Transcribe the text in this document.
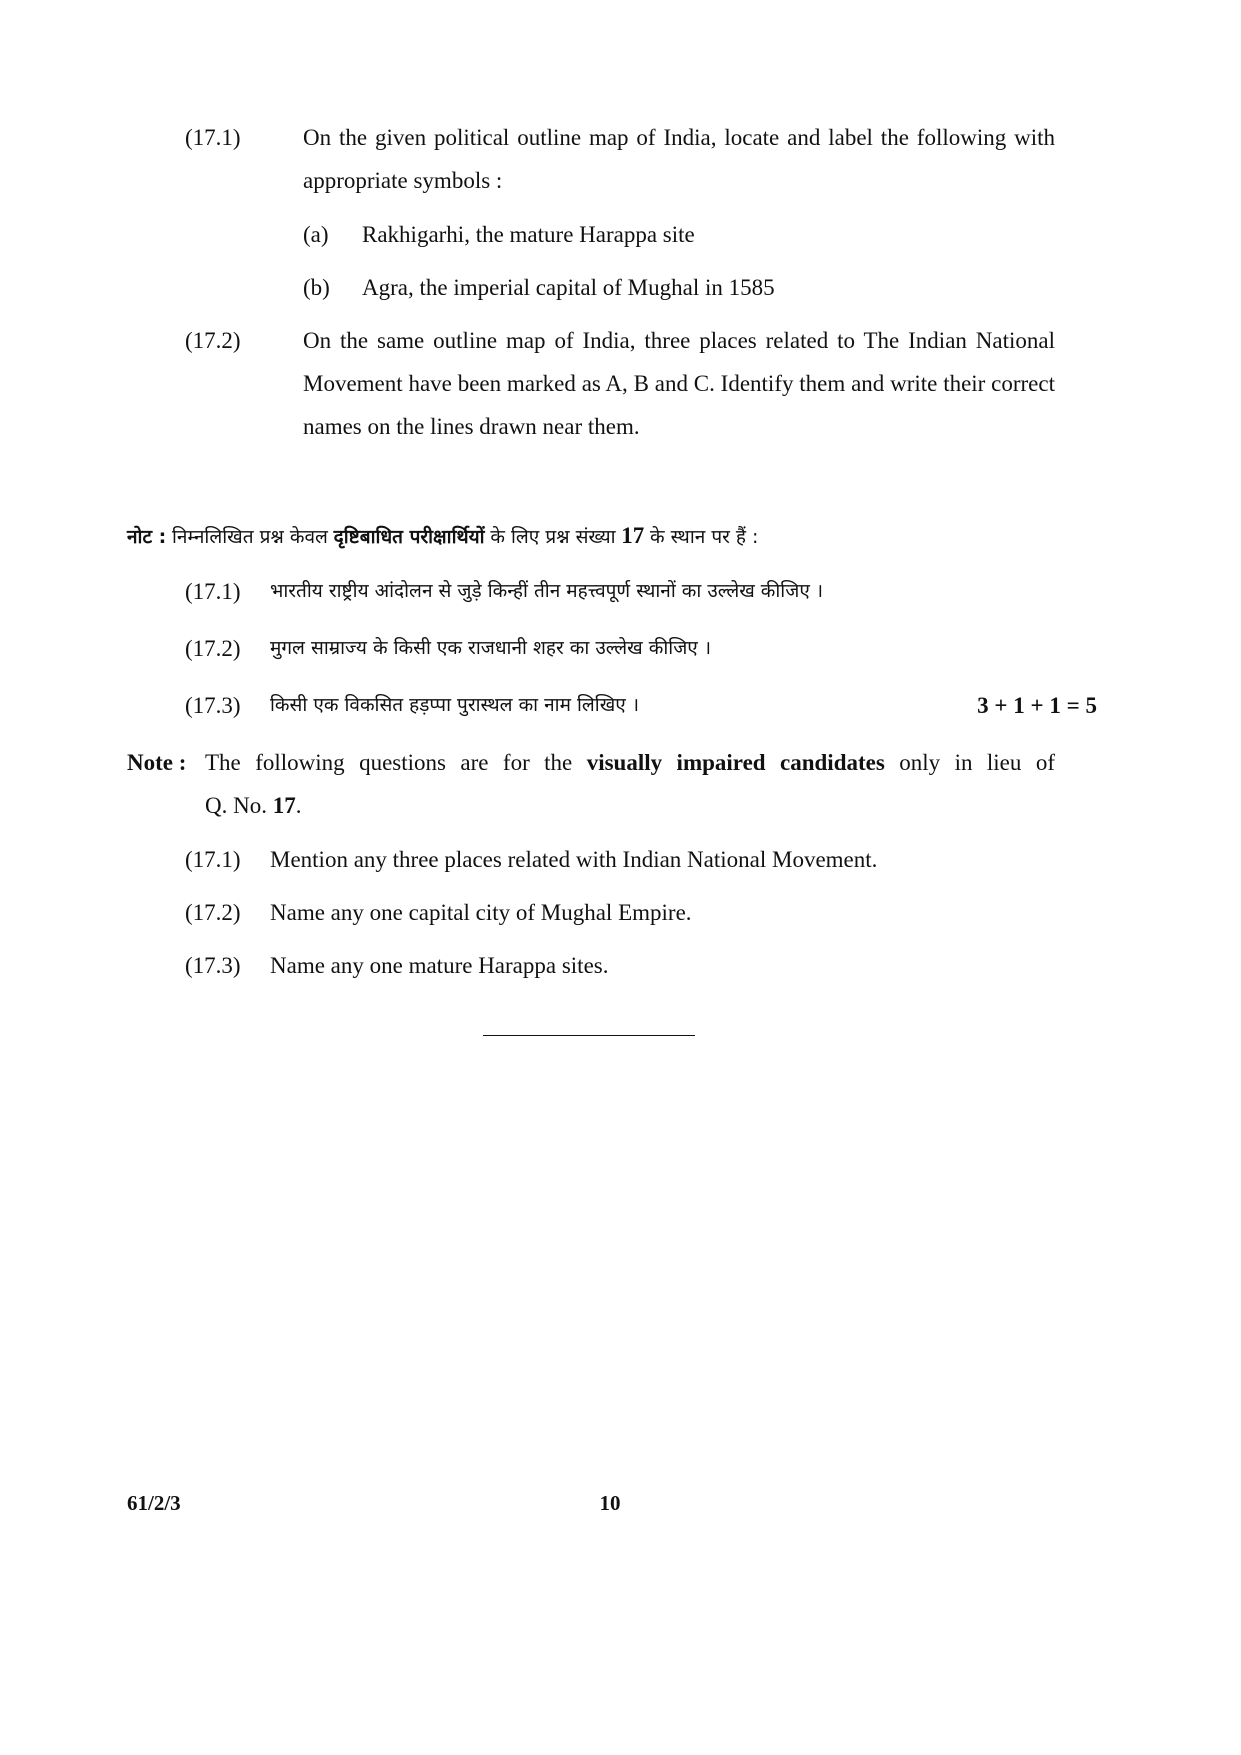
(17.1)	On the given political outline map of India, locate and label the following with appropriate symbols :
(a) Rakhigarhi, the mature Harappa site
(b) Agra, the imperial capital of Mughal in 1585
(17.2)	On the same outline map of India, three places related to The Indian National Movement have been marked as A, B and C. Identify them and write their correct names on the lines drawn near them.
नोट : निम्नलिखित प्रश्न केवल दृष्टिबाधित परीक्षार्थियों के लिए प्रश्न संख्या 17 के स्थान पर हैं :
(17.1) भारतीय राष्ट्रीय आंदोलन से जुड़े किन्हीं तीन महत्त्वपूर्ण स्थानों का उल्लेख कीजिए ।
(17.2) मुगल साम्राज्य के किसी एक राजधानी शहर का उल्लेख कीजिए ।
(17.3) किसी एक विकसित हड़प्पा पुरास्थल का नाम लिखिए ।	3 + 1 + 1 = 5
Note : The following questions are for the visually impaired candidates only in lieu of
Q. No. 17.
(17.1) Mention any three places related with Indian National Movement.
(17.2) Name any one capital city of Mughal Empire.
(17.3) Name any one mature Harappa sites.
61/2/3	10
